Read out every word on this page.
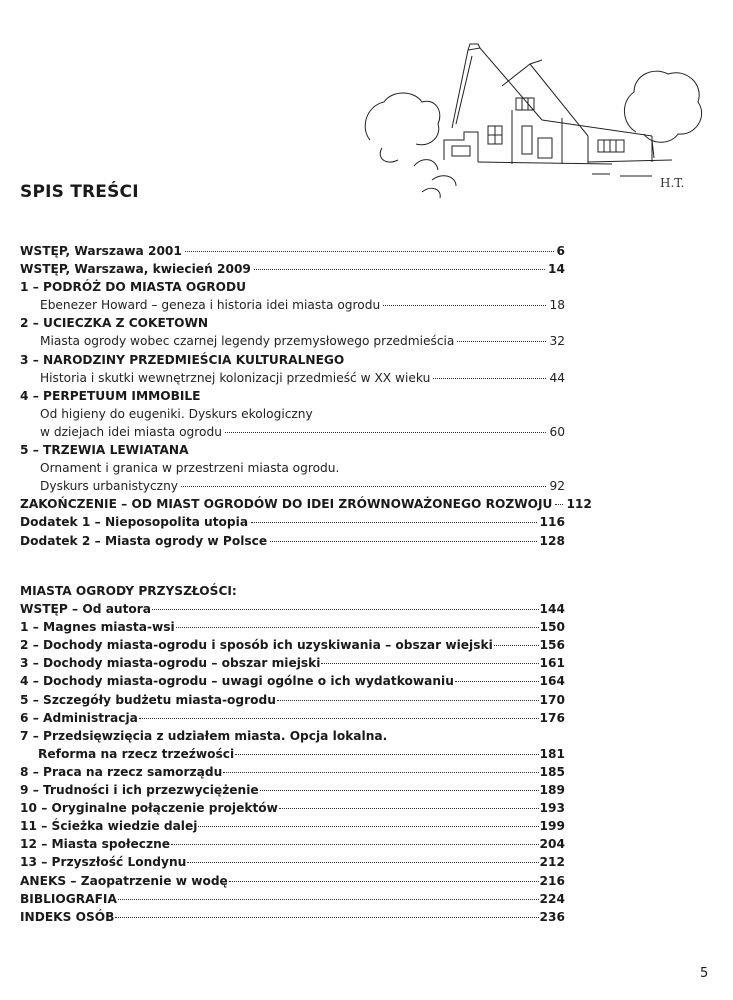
H.T.
SPIS TREŚCI
WSTĘP, Warszawa 2001	6
WSTĘP, Warszawa, kwiecień 2009	14
1 – PODRÓŻ DO MIASTA OGRODU
Ebenezer Howard – geneza i historia idei miasta ogrodu	18
2 – UCIECZKA Z COKETOWN
Miasta ogrody wobec czarnej legendy przemysłowego przedmieścia	32
3 – NARODZINY PRZEDMIEŚCIA KULTURALNEGO
Historia i skutki wewnętrznej kolonizacji przedmieść w XX wieku	44
4 – PERPETUUM IMMOBILE
Od higieny do eugeniki. Dyskurs ekologiczny
w dziejach idei miasta ogrodu	60
5 – TRZEWIA LEWIATANA
Ornament i granica w przestrzeni miasta ogrodu.
Dyskurs urbanistyczny	92
ZAKOŃCZENIE – OD MIAST OGRODÓW DO IDEI ZRÓWNOWAŻONEGO ROZWOJU 112
Dodatek 1 – Nieposopolita utopia	116
Dodatek 2 – Miasta ogrody w Polsce	128
MIASTA OGRODY PRZYSZŁOŚCI:
WSTĘP – Od autora	144
1 – Magnes miasta-wsi	150
2 – Dochody miasta-ogrodu i sposób ich uzyskiwania – obszar wiejski	156
3 – Dochody miasta-ogrodu – obszar miejski	161
4 – Dochody miasta-ogrodu – uwagi ogólne o ich wydatkowaniu	164
5 – Szczegóły budżetu miasta-ogrodu	170
6 – Administracja	176
7 – Przedsięwzięcia z udziałem miasta. Opcja lokalna.
Reforma na rzecz trzeźwości	181
8 – Praca na rzecz samorządu	185
9 – Trudności i ich przezwyciężenie	189
10 – Oryginalne połączenie projektów	193
11 – Ścieżka wiedzie dalej	199
12 – Miasta społeczne	204
13 – Przyszłość Londynu	212
ANEKS – Zaopatrzenie w wodę	216
BIBLIOGRAFIA	224
INDEKS OSÓB	236
5
